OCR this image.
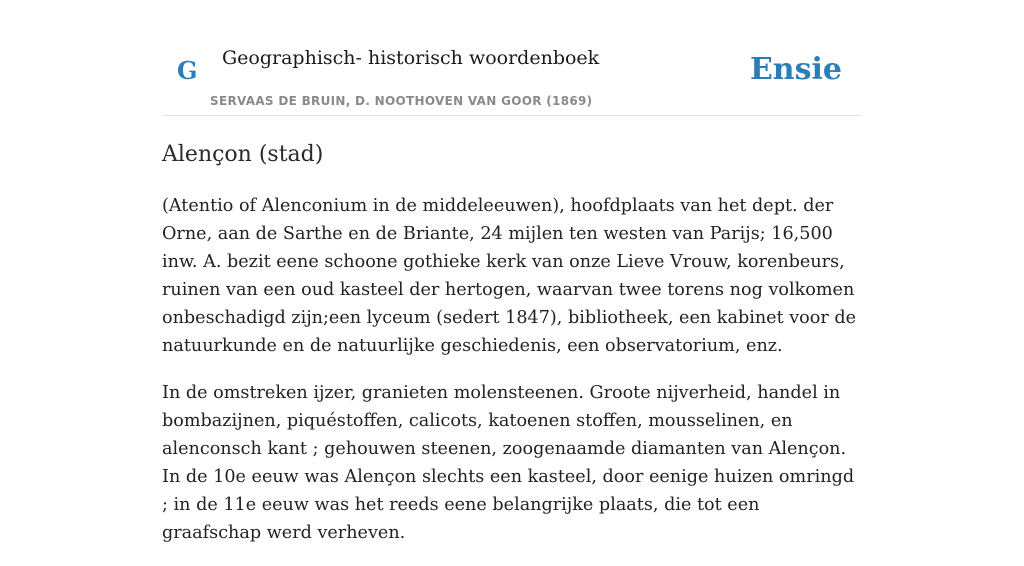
G Geographisch- historisch woordenboek
SERVAAS DE BRUIN, D. NOOTHOVEN VAN GOOR (1869)
Ensie
Alençon (stad)

(Atentio of Alenconium in de middeleeuwen), hoofdplaats van het dept. der Orne, aan de Sarthe en de Briante, 24 mijlen ten westen van Parijs; 16,500 inw. A. bezit eene schoone gothieke kerk van onze Lieve Vrouw, korenbeurs, ruinen van een oud kasteel der hertogen, waarvan twee torens nog volkomen onbeschadigd zijn;een lyceum (sedert 1847), bibliotheek, een kabinet voor de natuurkunde en de natuurlijke geschiedenis, een observatorium, enz.

In de omstreken ijzer, granieten molensteenen. Groote nijverheid, handel in bombazijnen, piquéstoffen, calicots, katoenen stoffen, mousselinen, en alenconsch kant ; gehouwen steenen, zoogenaamde diamanten van Alençon. In de 10e eeuw was Alençon slechts een kasteel, door eenige huizen omringd ; in de 11e eeuw was het reeds eene belangrijke plaats, die tot een graafschap werd verheven.
